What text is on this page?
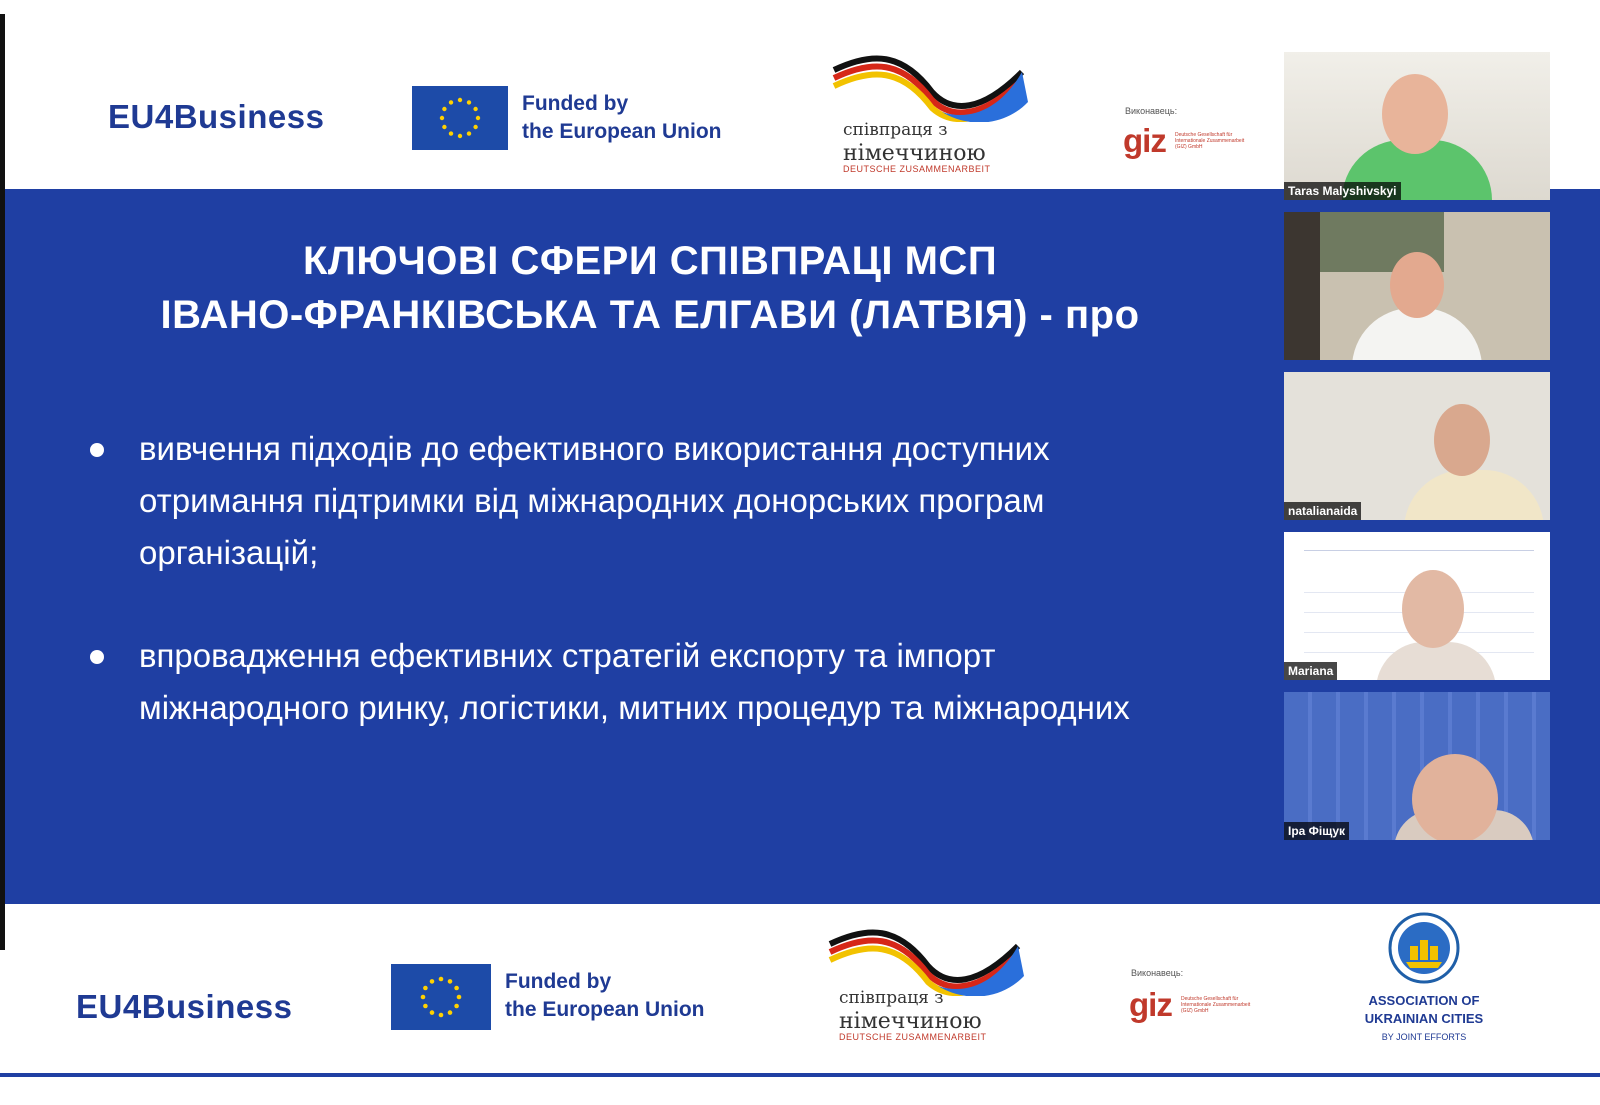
EU4Business	Funded by
the European Union	співпраця з
німеччиною
DEUTSCHE ZUSAMMENARBEIT
Виконавець:
giz Deutsche Gesellschaft für Internationale Zusammenarbeit (GIZ) GmbH
КЛЮЧОВІ СФЕРИ СПІВПРАЦІ МСП
ІВАНО-ФРАНКІВСЬКА ТА ЕЛГАВИ (ЛАТВІЯ) - про
вивчення підходів до ефективного використання доступних
отримання підтримки від міжнародних донорських програм
організацій;
впровадження ефективних стратегій експорту та імпорт
міжнародного ринку, логістики, митних процедур та міжнародних
EU4Business
Funded by
the European Union	співпраця з
німеччиною
DEUTSCHE ZUSAMMENARBEIT
Виконавець:
giz Deutsche Gesellschaft für Internationale Zusammenarbeit (GIZ) GmbH
ASSOCIATION OF
UKRAINIAN CITIES
BY JOINT EFFORTS
Taras Malyshivskyi
natalianaida
Mariana
Іра Фіщук
